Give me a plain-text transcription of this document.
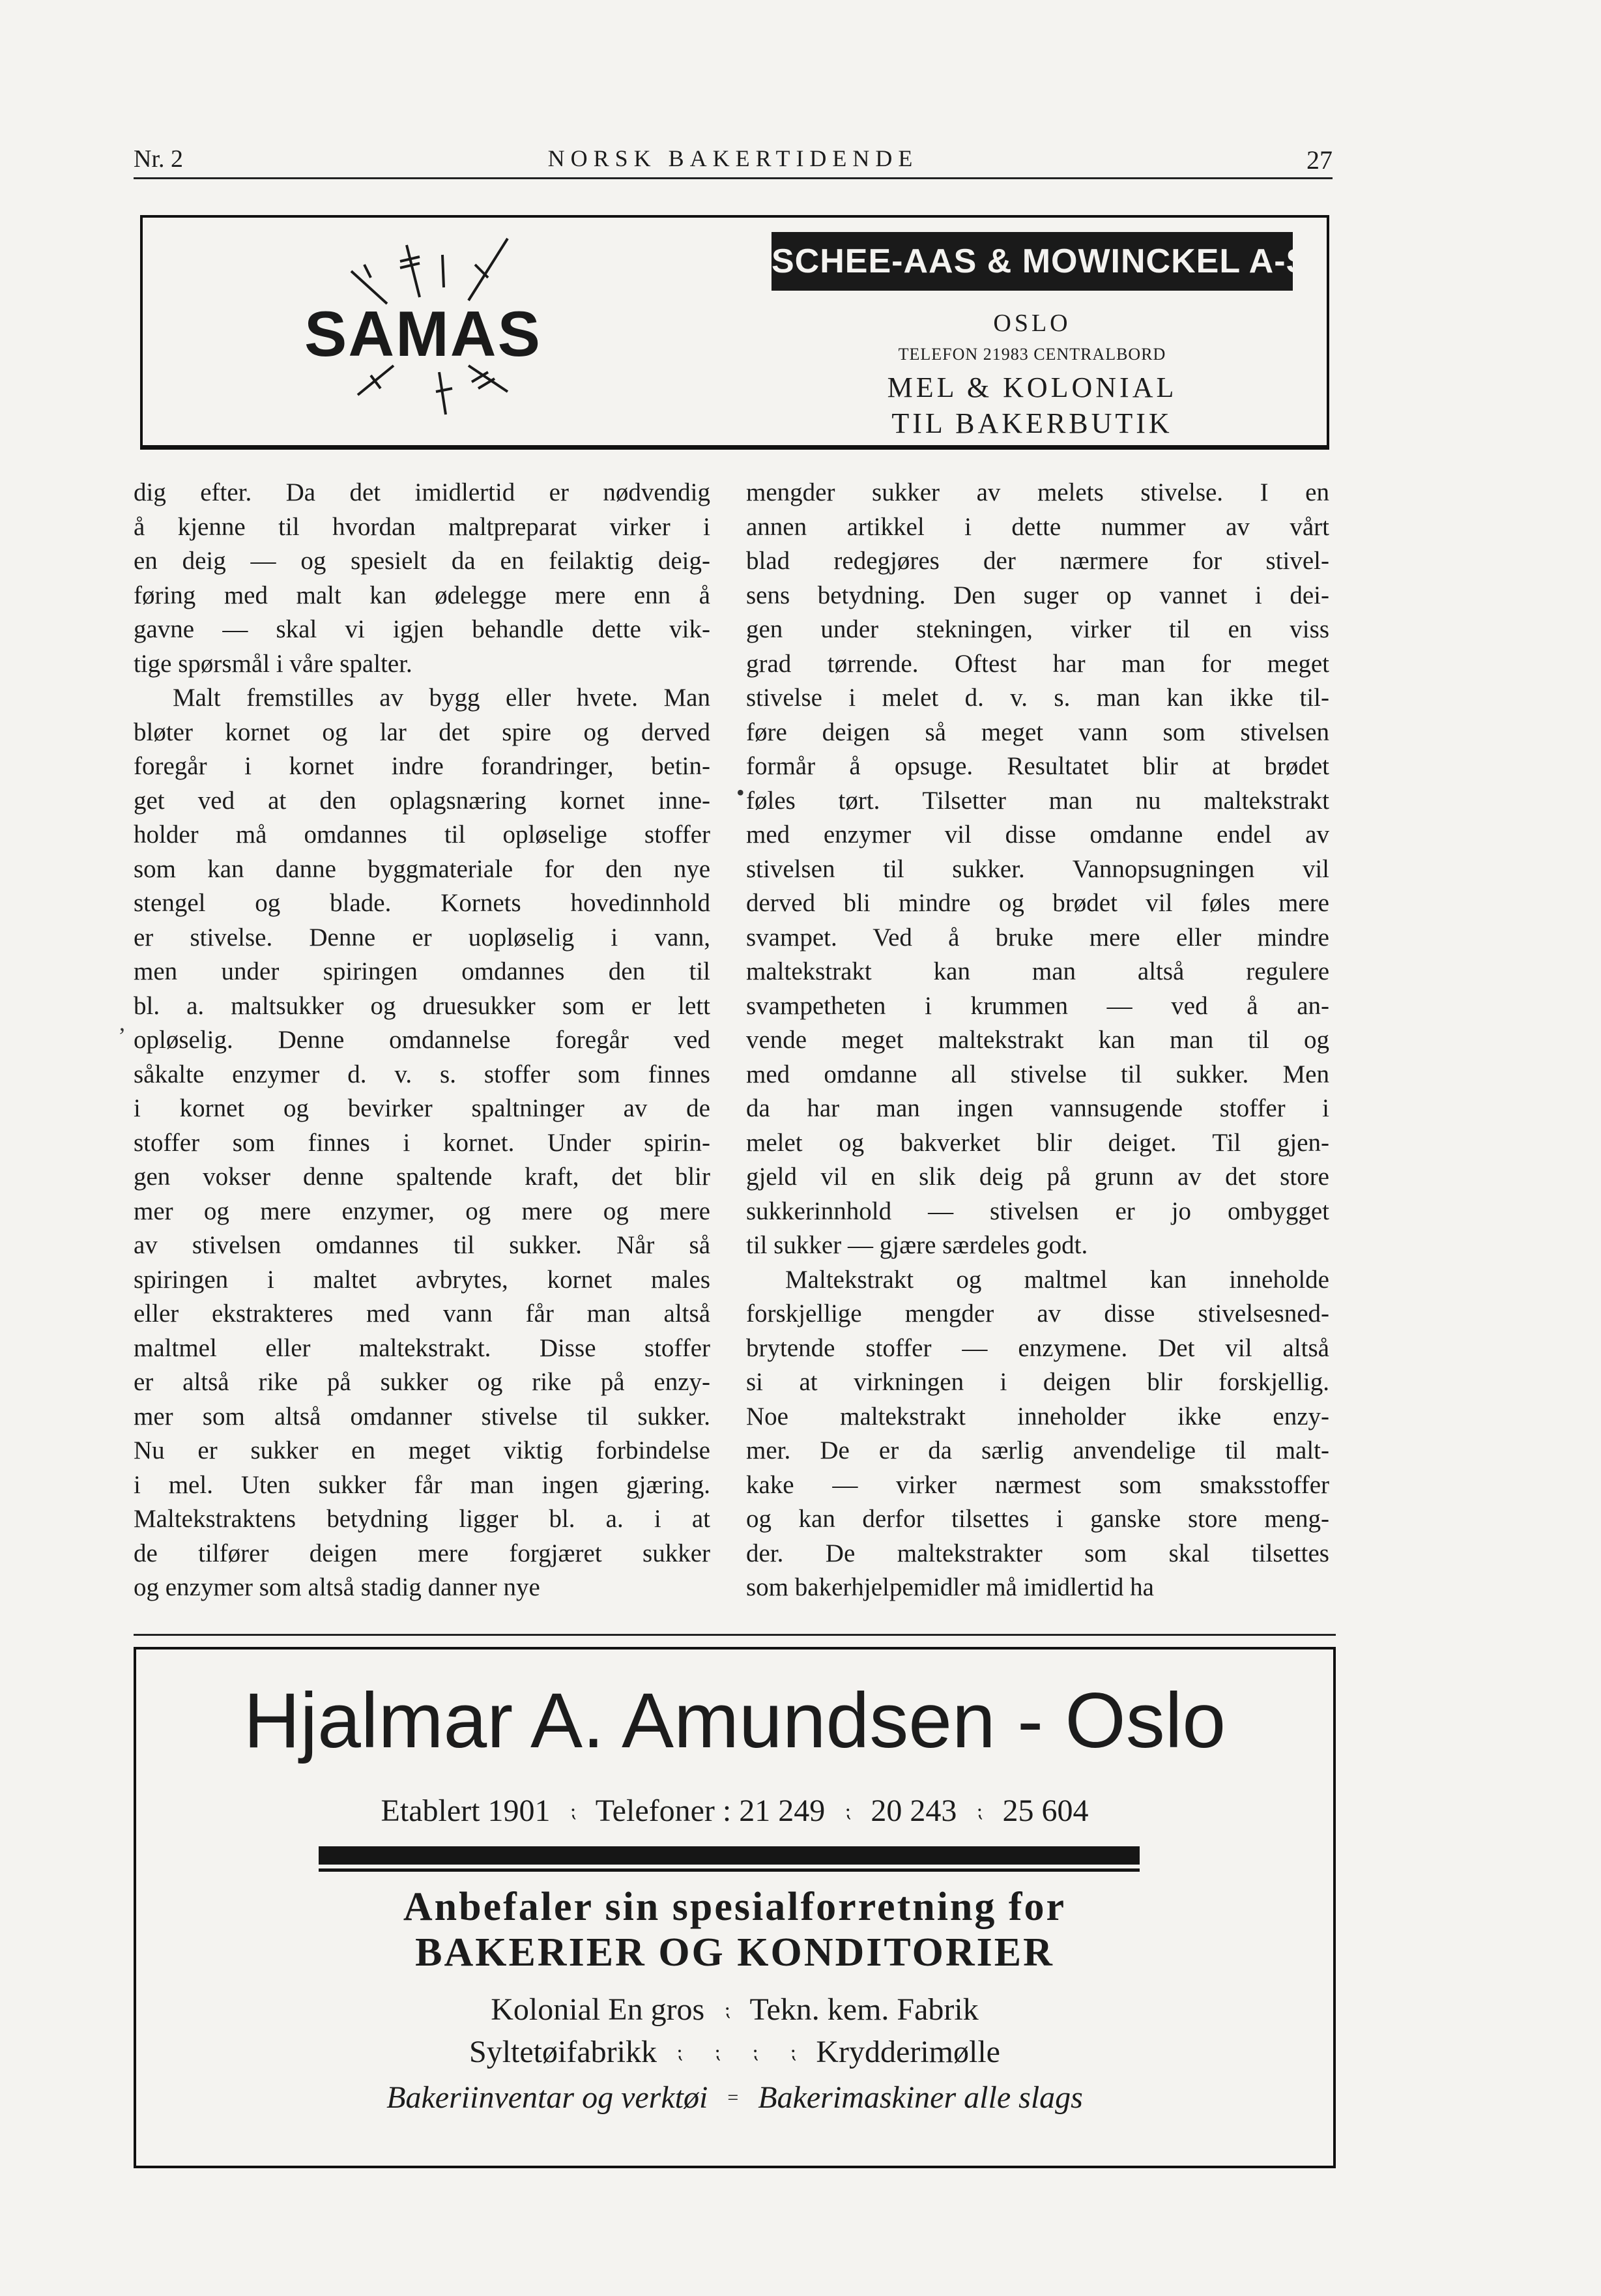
Nr. 2	NORSK BAKERTIDENDE	27
SAMAS
SCHEE-AAS & MOWINCKEL A-S
OSLO
TELEFON 21983 CENTRALBORD
MEL & KOLONIAL
TIL BAKERBUTIK
dig efter. Da det imidlertid er nødvendig
å kjenne til hvordan maltpreparat virker i
en deig — og spesielt da en feilaktig deig-
føring med malt kan ødelegge mere enn å
gavne — skal vi igjen behandle dette vik-
tige spørsmål i våre spalter.
Malt fremstilles av bygg eller hvete. Man
bløter kornet og lar det spire og derved
foregår i kornet indre forandringer, betin-
get ved at den oplagsnæring kornet inne-
holder må omdannes til opløselige stoffer
som kan danne byggmateriale for den nye
stengel og blade. Kornets hovedinnhold
er stivelse. Denne er uopløselig i vann,
men under spiringen omdannes den til
bl. a. maltsukker og druesukker som er lett
opløselig. Denne omdannelse foregår ved
såkalte enzymer d. v. s. stoffer som finnes
i kornet og bevirker spaltninger av de
stoffer som finnes i kornet. Under spirin-
gen vokser denne spaltende kraft, det blir
mer og mere enzymer, og mere og mere
av stivelsen omdannes til sukker. Når så
spiringen i maltet avbrytes, kornet males
eller ekstrakteres med vann får man altså
maltmel eller maltekstrakt. Disse stoffer
er altså rike på sukker og rike på enzy-
mer som altså omdanner stivelse til sukker.
Nu er sukker en meget viktig forbindelse
i mel. Uten sukker får man ingen gjæring.
Maltekstraktens betydning ligger bl. a. i at
de tilfører deigen mere forgjæret sukker
og enzymer som altså stadig danner nye
mengder sukker av melets stivelse. I en
annen artikkel i dette nummer av vårt
blad redegjøres der nærmere for stivel-
sens betydning. Den suger op vannet i dei-
gen under stekningen, virker til en viss
grad tørrende. Oftest har man for meget
stivelse i melet d. v. s. man kan ikke til-
føre deigen så meget vann som stivelsen
formår å opsuge. Resultatet blir at brødet
føles tørt. Tilsetter man nu maltekstrakt
med enzymer vil disse omdanne endel av
stivelsen til sukker. Vannopsugningen vil
derved bli mindre og brødet vil føles mere
svampet. Ved å bruke mere eller mindre
maltekstrakt kan man altså regulere
svampetheten i krummen — ved å an-
vende meget maltekstrakt kan man til og
med omdanne all stivelse til sukker. Men
da har man ingen vannsugende stoffer i
melet og bakverket blir deiget. Til gjen-
gjeld vil en slik deig på grunn av det store
sukkerinnhold — stivelsen er jo ombygget
til sukker — gjære særdeles godt.
Maltekstrakt og maltmel kan inneholde
forskjellige mengder av disse stivelsesned-
brytende stoffer — enzymene. Det vil altså
si at virkningen i deigen blir forskjellig.
Noe maltekstrakt inneholder ikke enzy-
mer. De er da særlig anvendelige til malt-
kake — virker nærmest som smaksstoffer
og kan derfor tilsettes i ganske store meng-
der. De maltekstrakter som skal tilsettes
som bakerhjelpemidler må imidlertid ha
•
,
Hjalmar A. Amundsen - Oslo
Etablert 1901 ⁏ Telefoner : 21 249 ⁏ 20 243 ⁏ 25 604
Anbefaler sin spesialforretning for
BAKERIER OG KONDITORIER
Kolonial En gros ⁏ Tekn. kem. Fabrik
Syltetøifabrikk ⁏ ⁏ ⁏ ⁏ Krydderimølle
Bakeriinventar og verktøi = Bakerimaskiner alle slags
